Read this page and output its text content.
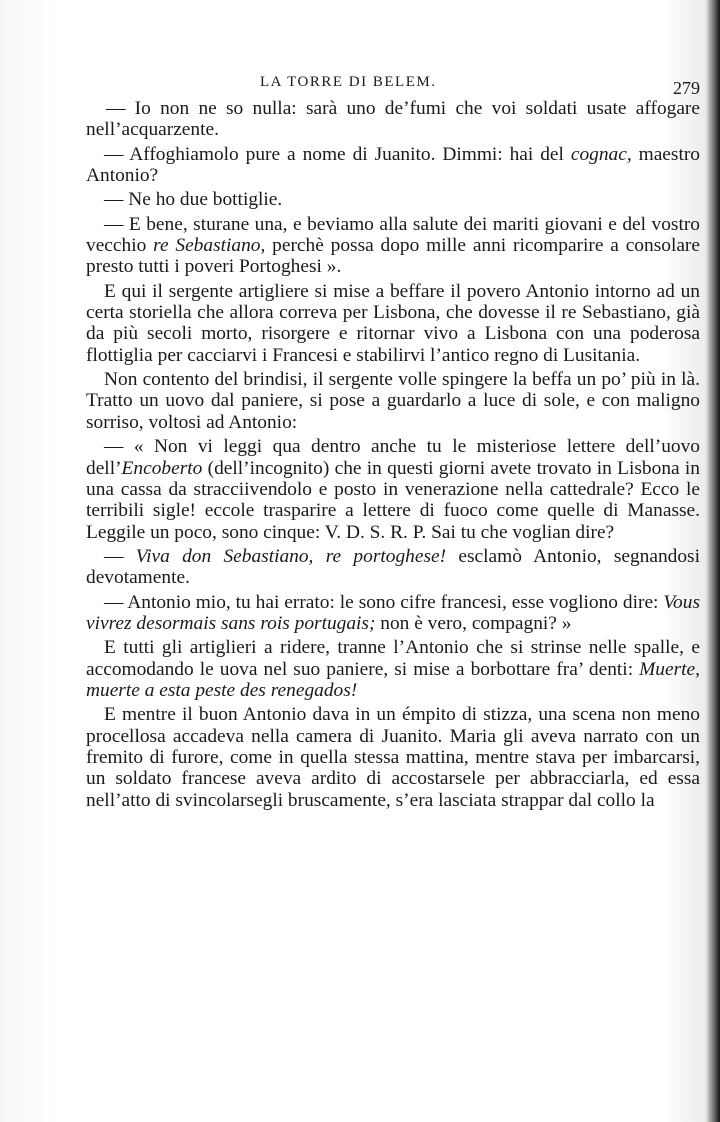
LA TORRE DI BELEM.	279

— Io non ne so nulla: sarà uno de’fumi che voi soldati usate affogare nell’acquarzente.

— Affoghiamolo pure a nome di Juanito. Dimmi: hai del cognac, maestro Antonio?

— Ne ho due bottiglie.

— E bene, sturane una, e beviamo alla salute dei mariti giovani e del vostro vecchio re Sebastiano, perchè possa dopo mille anni ricomparire a consolare presto tutti i poveri Portoghesi ».

E qui il sergente artigliere si mise a beffare il povero Antonio intorno ad un certa storiella che allora correva per Lisbona, che dovesse il re Sebastiano, già da più secoli morto, risorgere e ritornar vivo a Lisbona con una poderosa flottiglia per cacciarvi i Francesi e stabilirvi l’antico regno di Lusitania.

Non contento del brindisi, il sergente volle spingere la beffa un po’ più in là. Tratto un uovo dal paniere, si pose a guardarlo a luce di sole, e con maligno sorriso, voltosi ad Antonio:

— « Non vi leggi qua dentro anche tu le misteriose lettere dell’uovo dell’Encoberto (dell’incognito) che in questi giorni avete trovato in Lisbona in una cassa da stracciivendolo e posto in venerazione nella cattedrale? Ecco le terribili sigle! eccole trasparire a lettere di fuoco come quelle di Manasse. Leggile un poco, sono cinque: V. D. S. R. P. Sai tu che voglian dire?

— Viva don Sebastiano, re portoghese! esclamò Antonio, segnandosi devotamente.

— Antonio mio, tu hai errato: le sono cifre francesi, esse vogliono dire: Vous vivrez desormais sans rois portugais; non è vero, compagni? »

E tutti gli artiglieri a ridere, tranne l’Antonio che si strinse nelle spalle, e accomodando le uova nel suo paniere, si mise a borbottare fra’ denti: Muerte, muerte a esta peste des renegados!

E mentre il buon Antonio dava in un émpito di stizza, una scena non meno procellosa accadeva nella camera di Juanito. Maria gli aveva narrato con un fremito di furore, come in quella stessa mattina, mentre stava per imbarcarsi, un soldato francese aveva ardito di accostarsele per abbracciarla, ed essa nell’atto di svincolarsegli bruscamente, s’era lasciata strappar dal collo la
